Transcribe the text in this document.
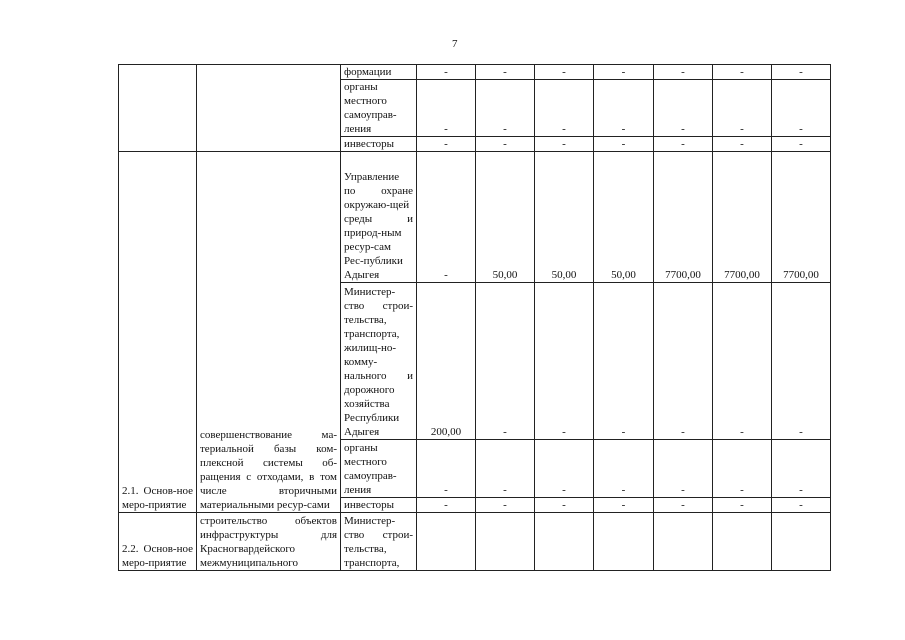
7
		формации	-	-	-	-	-	-	-
		органы местного самоуправ-ления	-	-	-	-	-	-	-
		инвесторы	-	-	-	-	-	-	-
2.1. Основ-ное меро-приятие	совершенствование ма-териальной базы ком-плексной системы об-ращения с отходами, в том числе вторичными материальными ресур-сами	Управление по охране окружаю-щей среды и природ-ным ресур-сам Рес-публики Адыгея	-	50,00	50,00	50,00	7700,00	7700,00	7700,00
		Министер-ство строи-тельства, транспорта, жилищ-но-комму-нального и дорожного хозяйства Республики Адыгея	200,00	-	-	-	-	-	-
		органы местного самоуправ-ления	-	-	-	-	-	-	-
		инвесторы	-	-	-	-	-	-	-
2.2. Основ-ное меро-приятие	строительство объектов инфраструктуры для Красногвардейского межмуниципального	Министер-ство строи-тельства, транспорта,							
